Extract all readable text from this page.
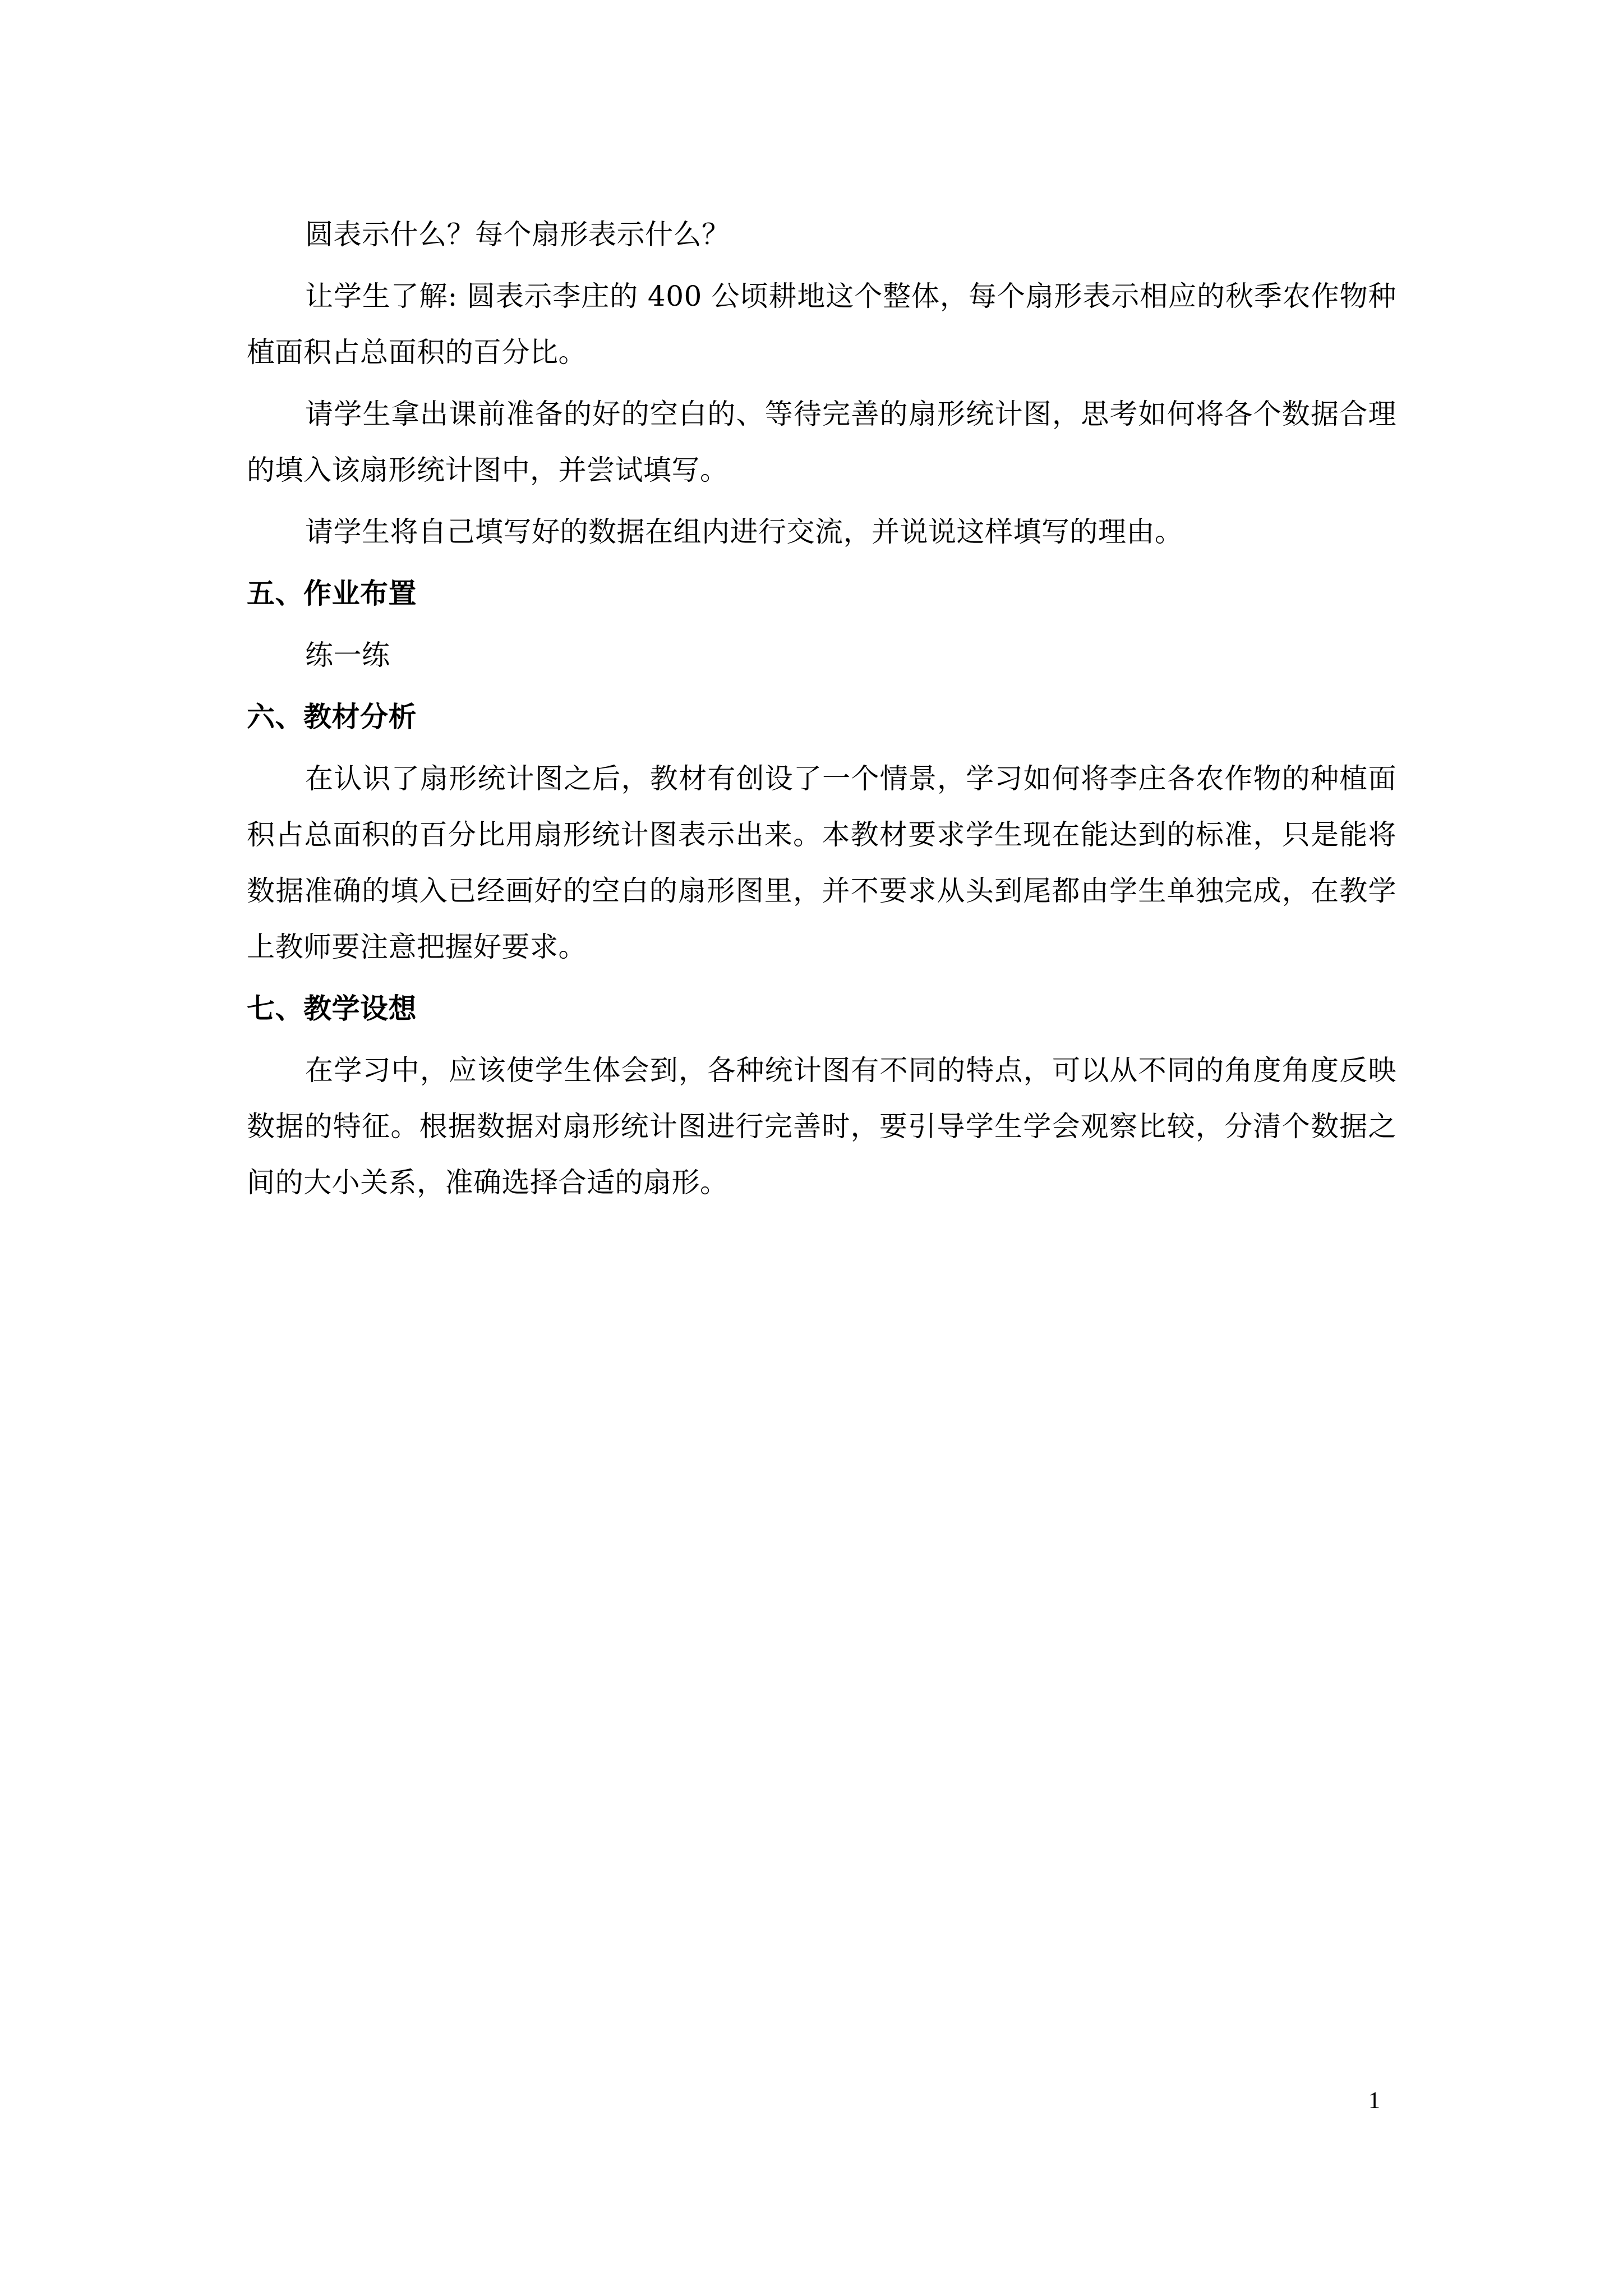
圆表示什么？每个扇形表示什么？

让学生了解: 圆表示李庄的 400 公顷耕地这个整体，每个扇形表示相应的秋季农作物种植面积占总面积的百分比。

请学生拿出课前准备的好的空白的、等待完善的扇形统计图，思考如何将各个数据合理的填入该扇形统计图中，并尝试填写。

请学生将自己填写好的数据在组内进行交流，并说说这样填写的理由。

五、作业布置

练一练

六、教材分析

在认识了扇形统计图之后，教材有创设了一个情景，学习如何将李庄各农作物的种植面积占总面积的百分比用扇形统计图表示出来。本教材要求学生现在能达到的标准，只是能将数据准确的填入已经画好的空白的扇形图里，并不要求从头到尾都由学生单独完成，在教学上教师要注意把握好要求。

七、教学设想

在学习中，应该使学生体会到，各种统计图有不同的特点，可以从不同的角度角度反映数据的特征。根据数据对扇形统计图进行完善时，要引导学生学会观察比较，分清个数据之间的大小关系，准确选择合适的扇形。

1
